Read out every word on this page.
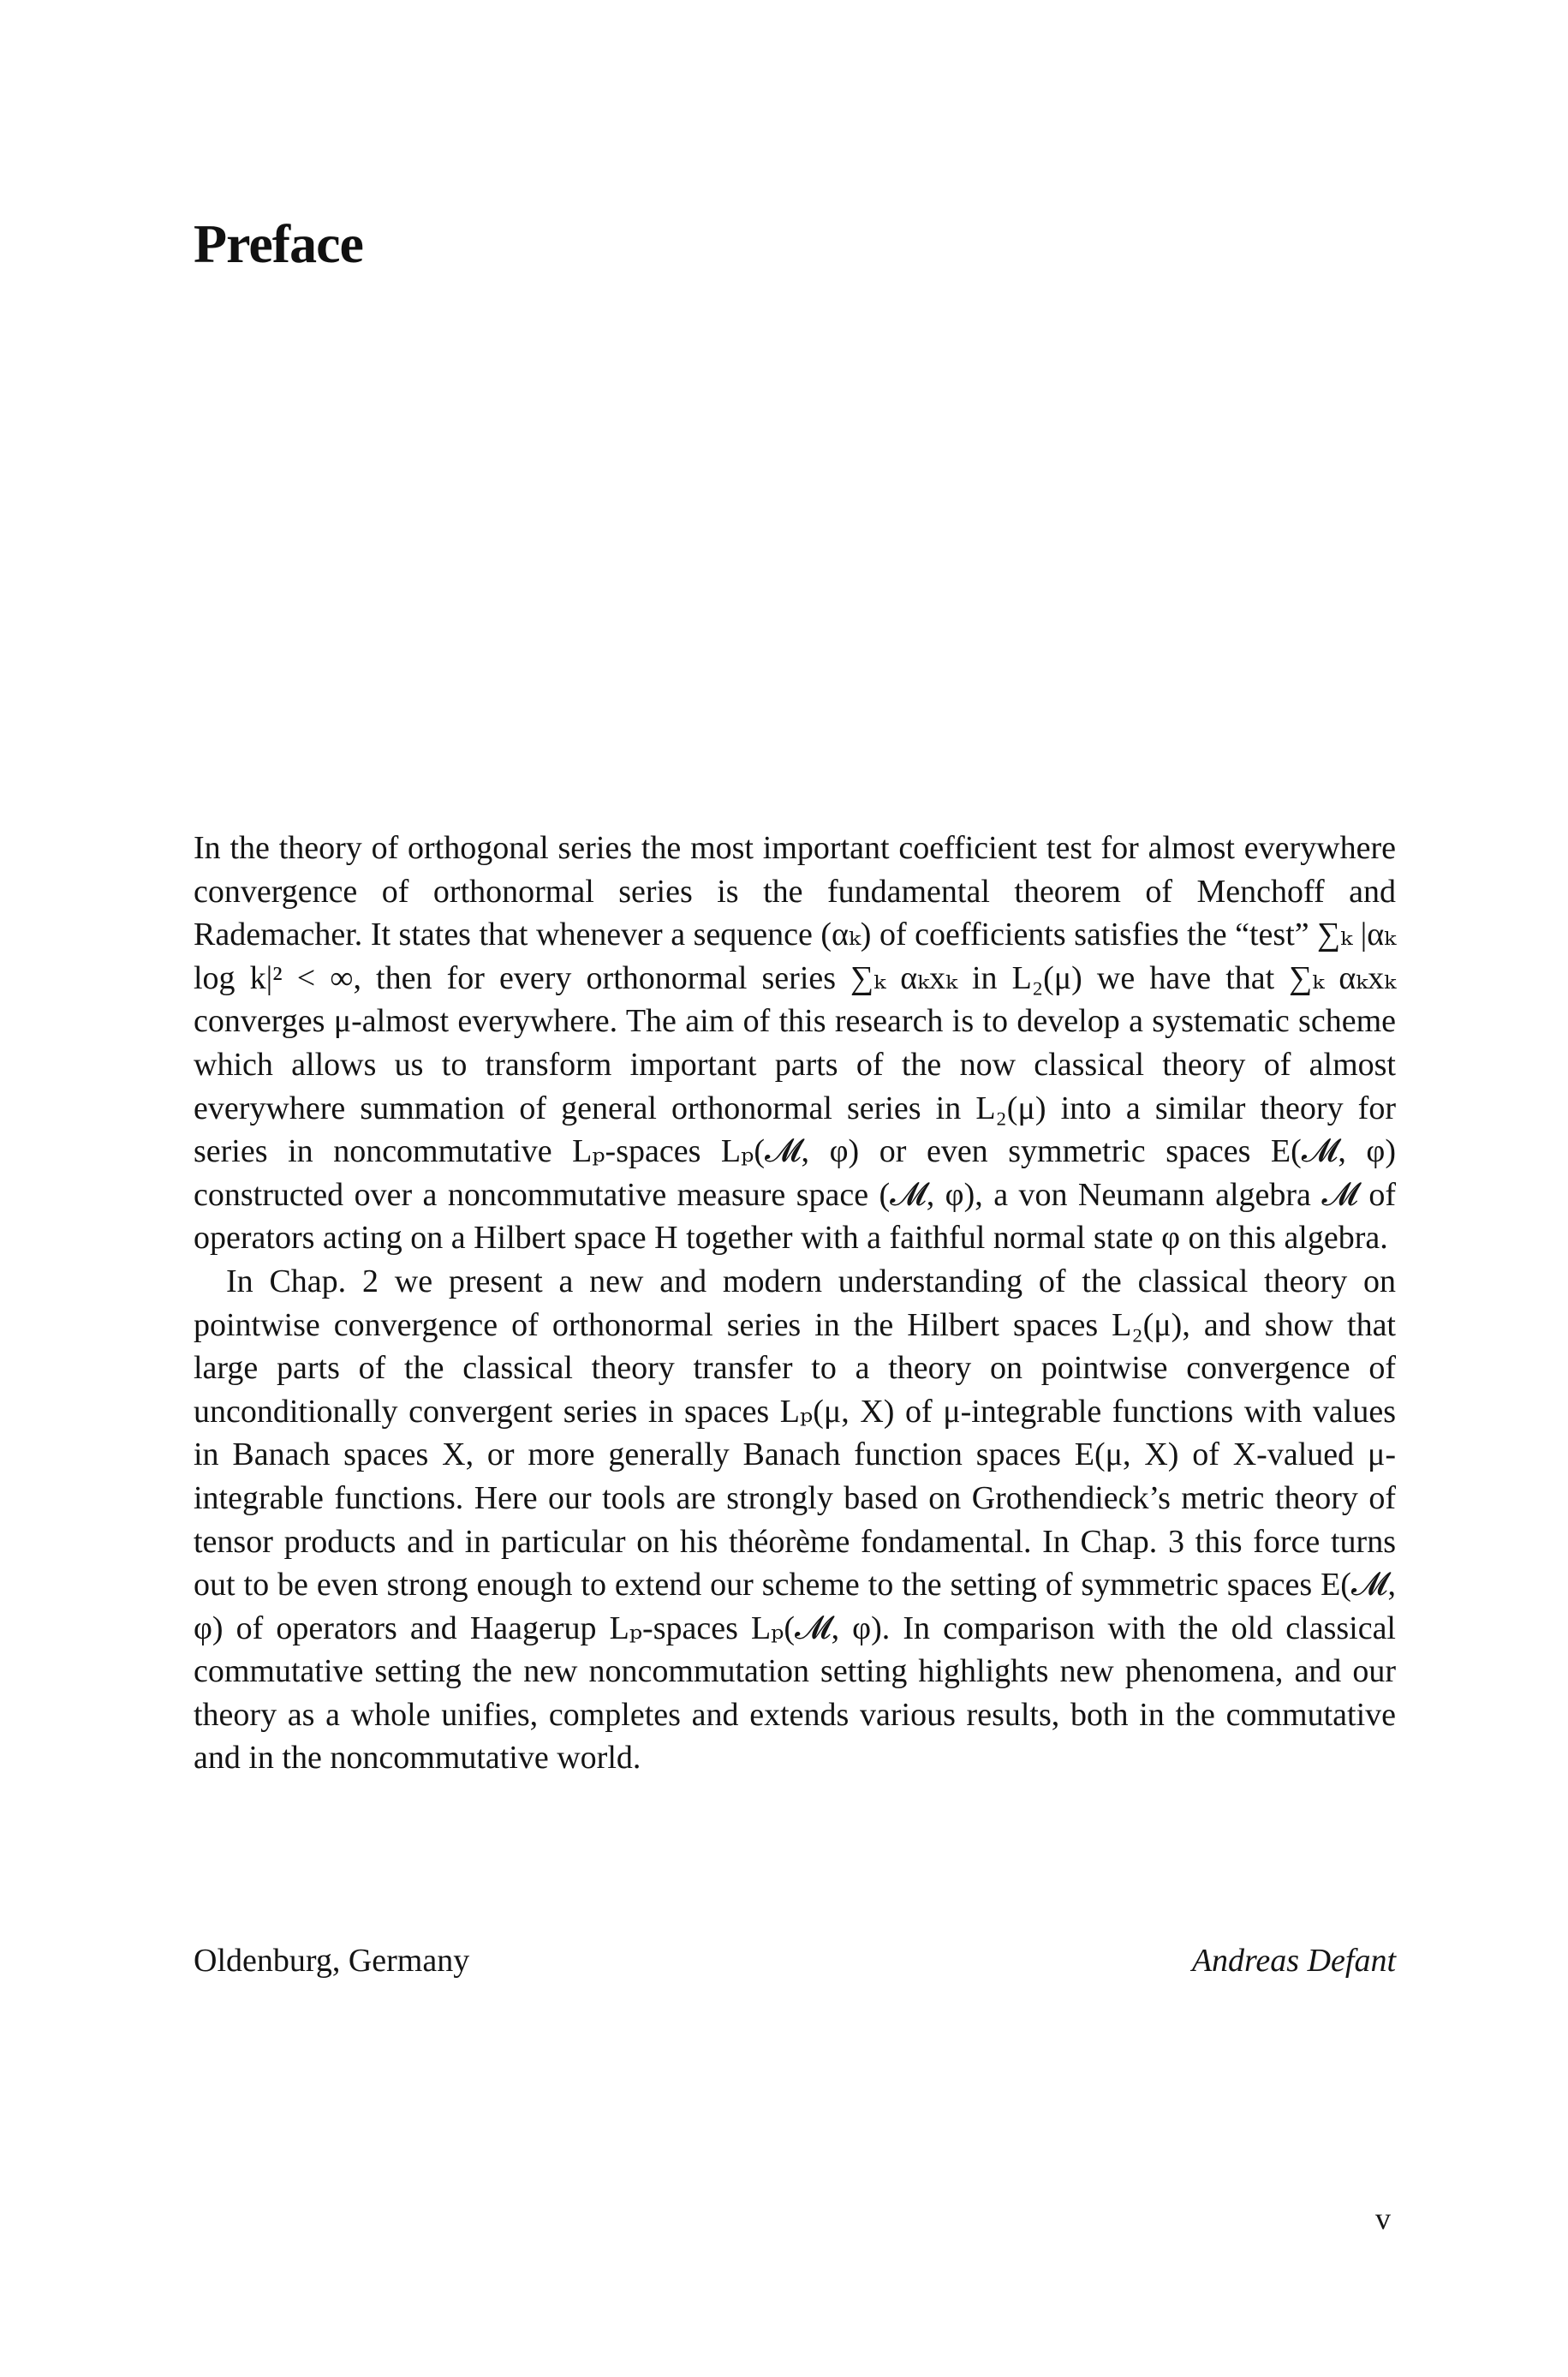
Preface

In the theory of orthogonal series the most important coefficient test for almost everywhere convergence of orthonormal series is the fundamental theorem of Menchoff and Rademacher. It states that whenever a sequence (αₖ) of coefficients satisfies the “test” ∑ₖ |αₖ log k|² < ∞, then for every orthonormal series ∑ₖ αₖxₖ in L₂(μ) we have that ∑ₖ αₖxₖ converges μ-almost everywhere. The aim of this research is to develop a systematic scheme which allows us to transform important parts of the now classical theory of almost everywhere summation of general orthonormal series in L₂(μ) into a similar theory for series in noncommutative Lₚ-spaces Lₚ(𝓜, φ) or even symmetric spaces E(𝓜, φ) constructed over a noncommutative measure space (𝓜, φ), a von Neumann algebra 𝓜 of operators acting on a Hilbert space H together with a faithful normal state φ on this algebra.

In Chap. 2 we present a new and modern understanding of the classical theory on pointwise convergence of orthonormal series in the Hilbert spaces L₂(μ), and show that large parts of the classical theory transfer to a theory on pointwise convergence of unconditionally convergent series in spaces Lₚ(μ, X) of μ-integrable functions with values in Banach spaces X, or more generally Banach function spaces E(μ, X) of X-valued μ-integrable functions. Here our tools are strongly based on Grothendieck’s metric theory of tensor products and in particular on his théorème fondamental. In Chap. 3 this force turns out to be even strong enough to extend our scheme to the setting of symmetric spaces E(𝓜, φ) of operators and Haagerup Lₚ-spaces Lₚ(𝓜, φ). In comparison with the old classical commutative setting the new noncommutation setting highlights new phenomena, and our theory as a whole unifies, completes and extends various results, both in the commutative and in the noncommutative world.

Oldenburg, Germany	Andreas Defant
v
